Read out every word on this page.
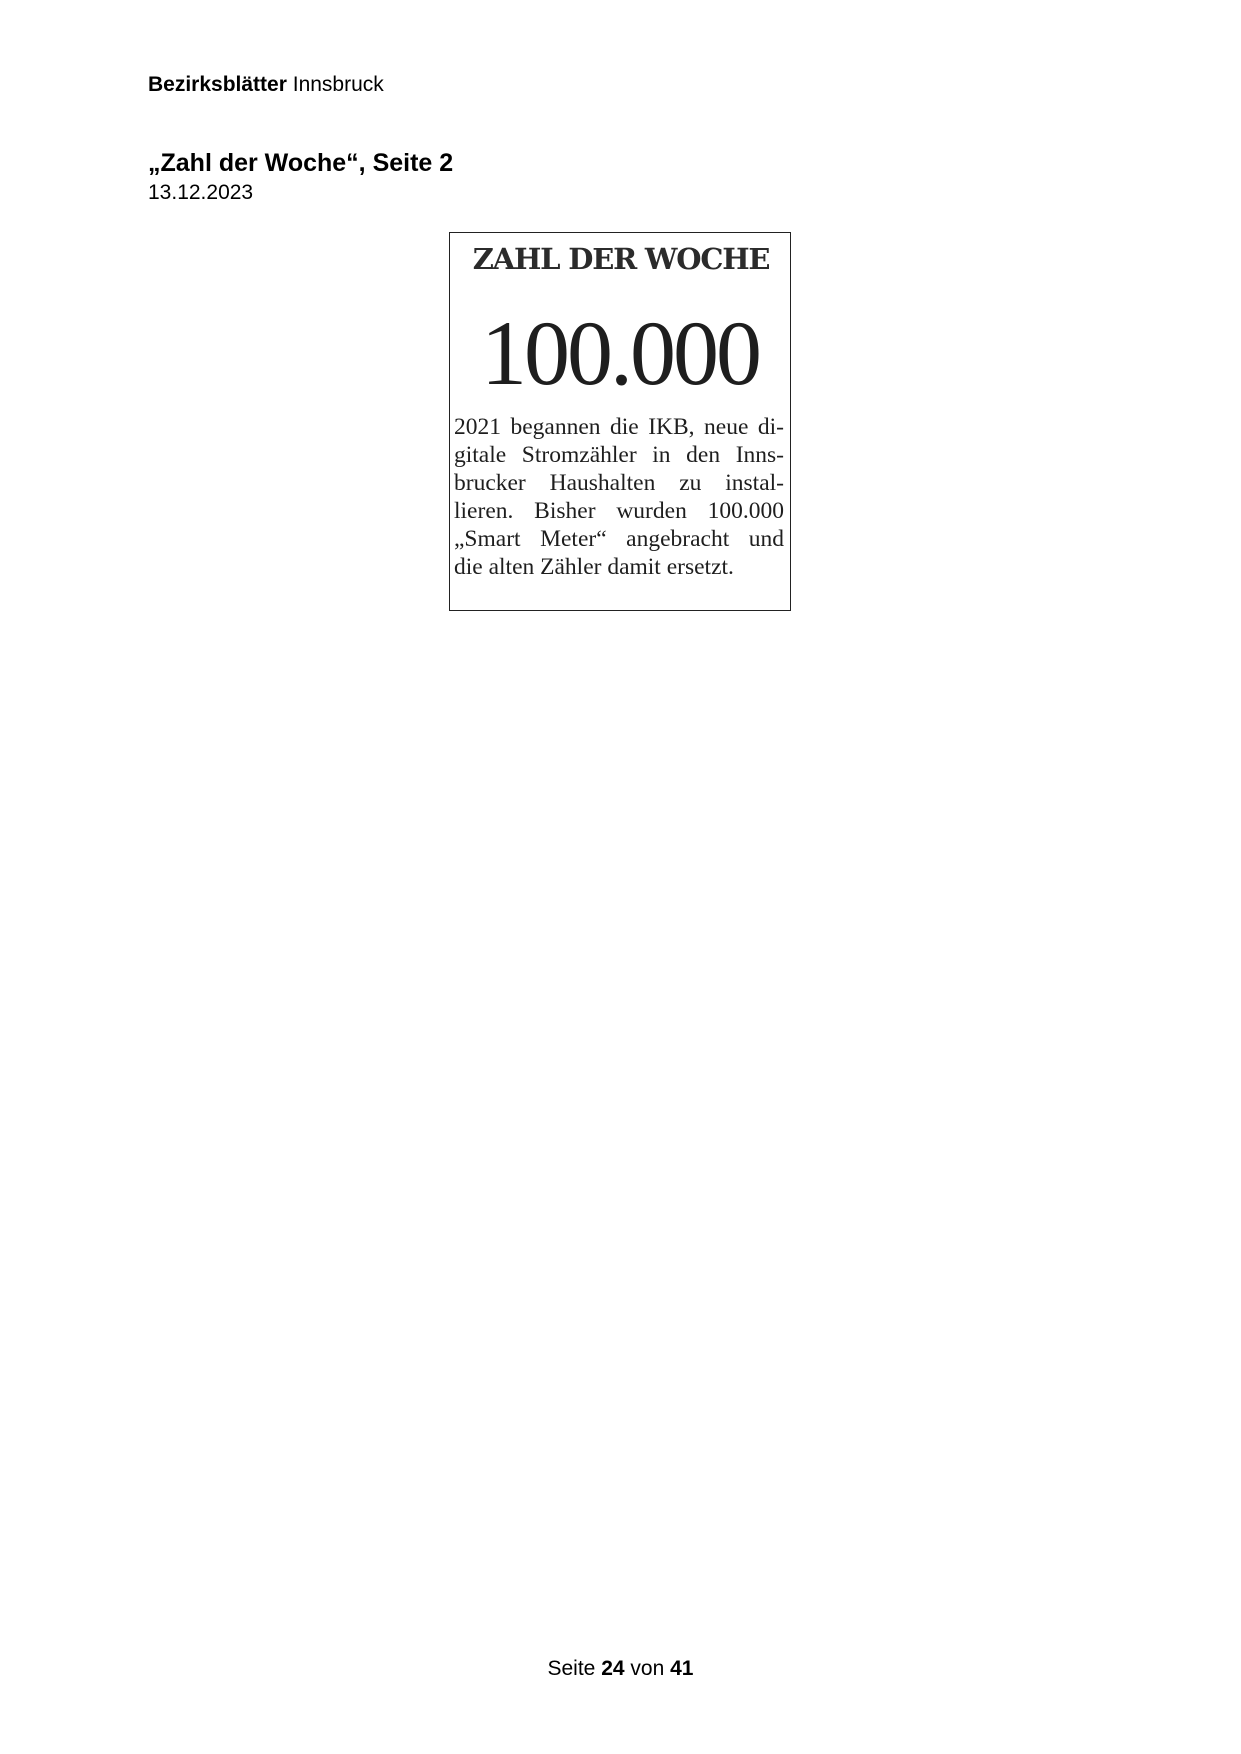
Bezirksblätter Innsbruck
„Zahl der Woche“, Seite 2
13.12.2023
ZAHL DER WOCHE
100.000
2021 begannen die IKB, neue di-
gitale Stromzähler in den Inns-
brucker Haushalten zu instal-
lieren. Bisher wurden 100.000
„Smart Meter“ angebracht und
die alten Zähler damit ersetzt.
Seite 24 von 41
